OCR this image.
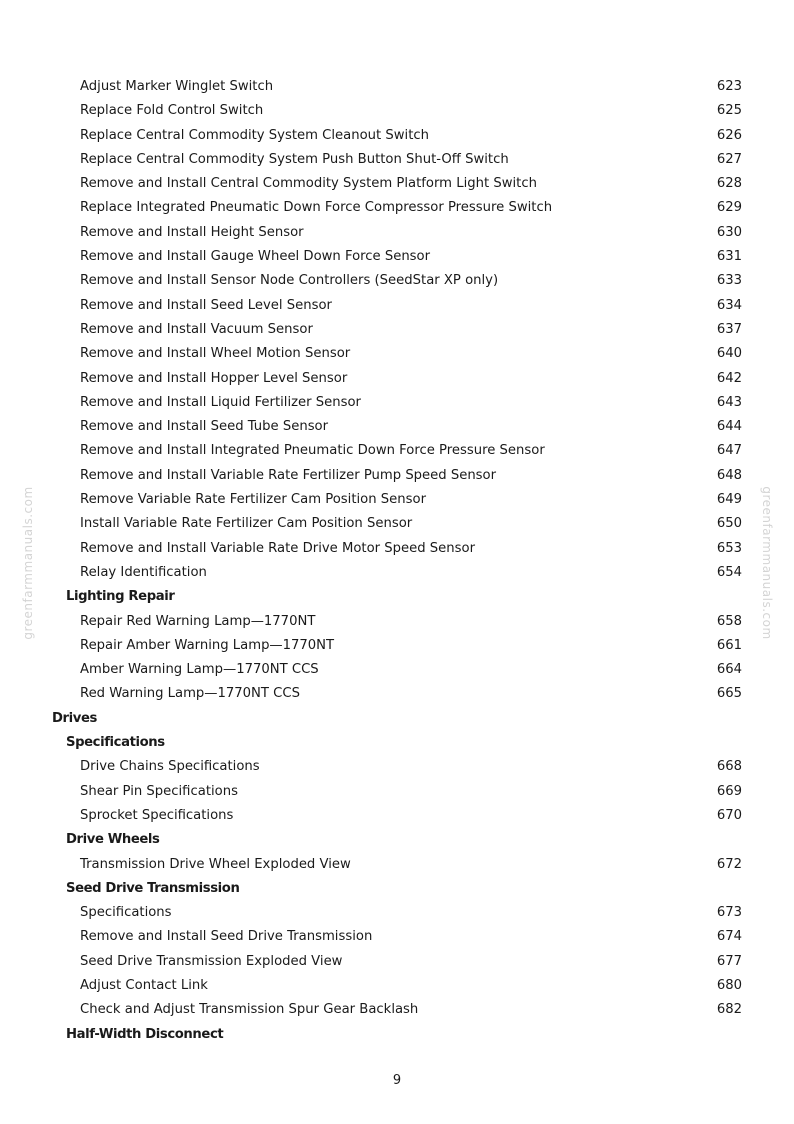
Adjust Marker Winglet Switch	623
Replace Fold Control Switch	625
Replace Central Commodity System Cleanout Switch	626
Replace Central Commodity System Push Button Shut-Off Switch	627
Remove and Install Central Commodity System Platform Light Switch	628
Replace Integrated Pneumatic Down Force Compressor Pressure Switch	629
Remove and Install Height Sensor	630
Remove and Install Gauge Wheel Down Force Sensor	631
Remove and Install Sensor Node Controllers (SeedStar XP only)	633
Remove and Install Seed Level Sensor	634
Remove and Install Vacuum Sensor	637
Remove and Install Wheel Motion Sensor	640
Remove and Install Hopper Level Sensor	642
Remove and Install Liquid Fertilizer Sensor	643
Remove and Install Seed Tube Sensor	644
Remove and Install Integrated Pneumatic Down Force Pressure Sensor	647
Remove and Install Variable Rate Fertilizer Pump Speed Sensor	648
Remove Variable Rate Fertilizer Cam Position Sensor	649
Install Variable Rate Fertilizer Cam Position Sensor	650
Remove and Install Variable Rate Drive Motor Speed Sensor	653
Relay Identification	654
Lighting Repair
Repair Red Warning Lamp—1770NT	658
Repair Amber Warning Lamp—1770NT	661
Amber Warning Lamp—1770NT CCS	664
Red Warning Lamp—1770NT CCS	665
Drives
Specifications
Drive Chains Specifications	668
Shear Pin Specifications	669
Sprocket Specifications	670
Drive Wheels
Transmission Drive Wheel Exploded View	672
Seed Drive Transmission
Specifications	673
Remove and Install Seed Drive Transmission	674
Seed Drive Transmission Exploded View	677
Adjust Contact Link	680
Check and Adjust Transmission Spur Gear Backlash	682
Half-Width Disconnect
greenfarmmanuals.com	greenfarmmanuals.com
9
